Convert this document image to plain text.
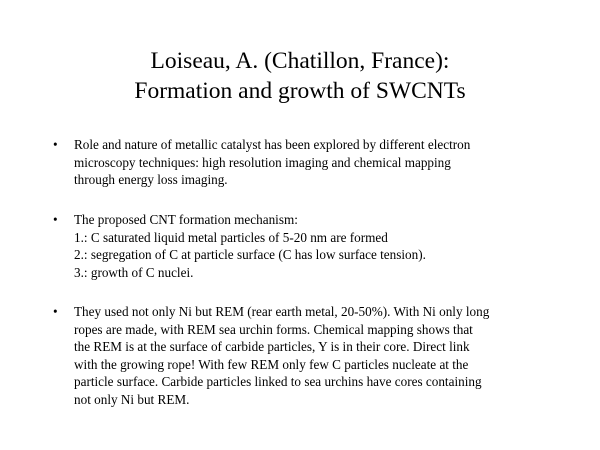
Loiseau, A. (Chatillon, France):
Formation and growth of SWCNTs
•	Role and nature of metallic catalyst has been explored by different electron
microscopy techniques: high resolution imaging and chemical mapping
through energy loss imaging.
•	The proposed CNT formation mechanism:
1.: C saturated liquid metal particles of 5-20 nm are formed
2.: segregation of C at particle surface (C has low surface tension).
3.: growth of C nuclei.
•	They used not only Ni but REM (rear earth metal, 20-50%). With Ni only long
ropes are made, with REM sea urchin forms. Chemical mapping shows that
the REM is at the surface of carbide particles, Y is in their core. Direct link
with the growing rope! With few REM only few C particles nucleate at the
particle surface. Carbide particles linked to sea urchins have cores containing
not only Ni but REM.
